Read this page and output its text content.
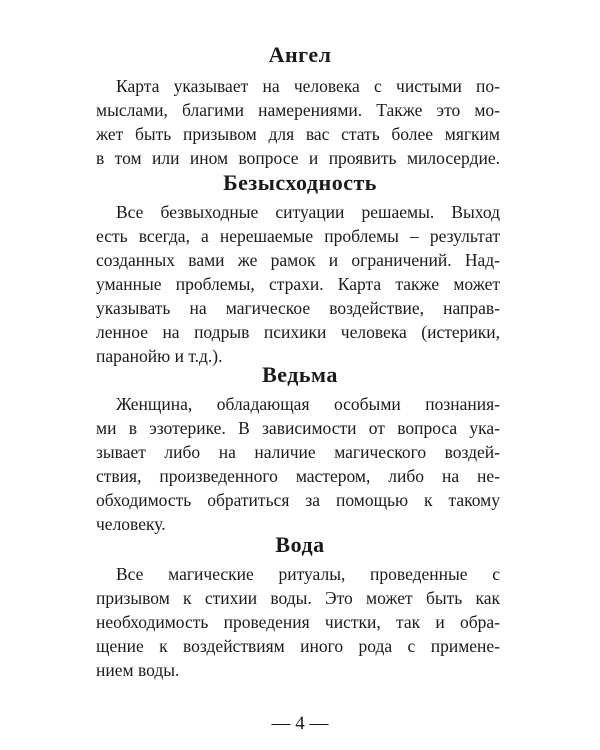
Ангел
Карта указывает на человека с чистыми по-
мыслами, благими намерениями. Также это мо-
жет быть призывом для вас стать более мягким
в том или ином вопросе и проявить милосердие.
Безысходность
Все безвыходные ситуации решаемы. Выход
есть всегда, а нерешаемые проблемы – результат
созданных вами же рамок и ограничений. Над-
уманные проблемы, страхи. Карта также может
указывать на магическое воздействие, направ-
ленное на подрыв психики человека (истерики,
паранойю и т.д.).
Ведьма
Женщина, обладающая особыми познания-
ми в эзотерике. В зависимости от вопроса ука-
зывает либо на наличие магического воздей-
ствия, произведенного мастером, либо на не-
обходимость обратиться за помощью к такому
человеку.
Вода
Все магические ритуалы, проведенные с
призывом к стихии воды. Это может быть как
необходимость проведения чистки, так и обра-
щение к воздействиям иного рода с примене-
нием воды.
— 4 —
